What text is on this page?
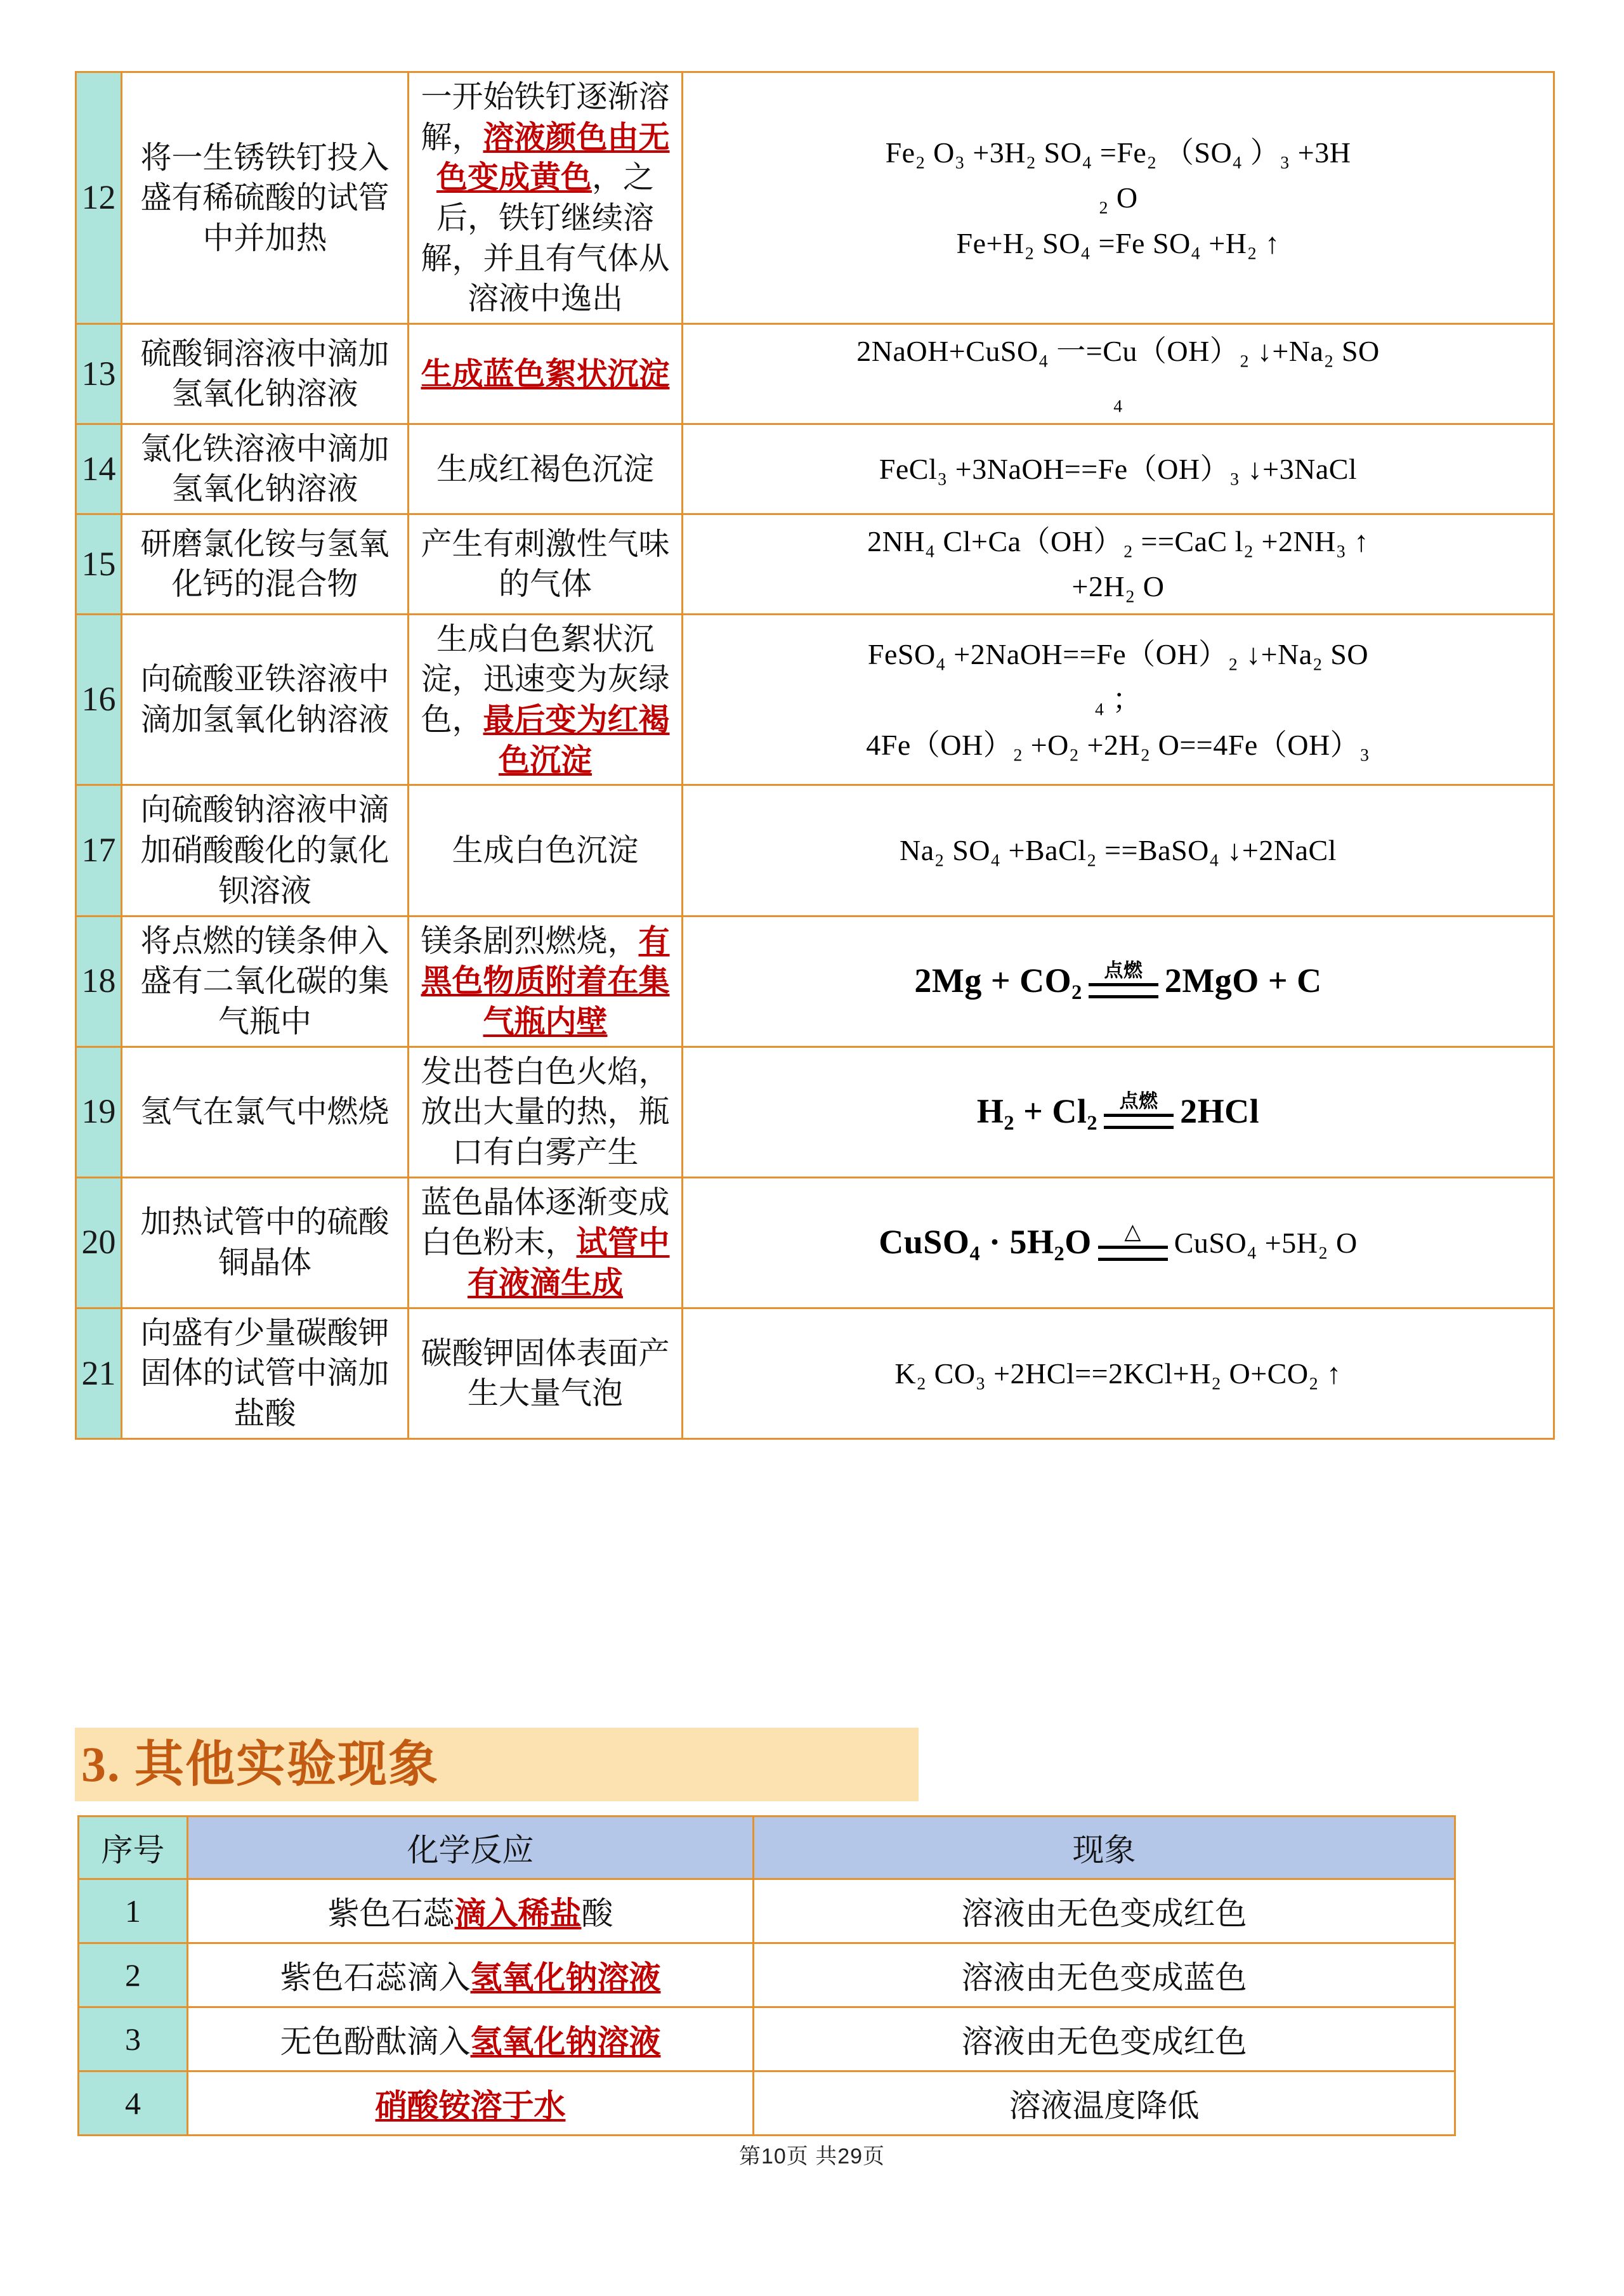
12	将一生锈铁钉投入盛有稀硫酸的试管中并加热	一开始铁钉逐渐溶解，溶液颜色由无色变成黄色，之后，铁钉继续溶解，并且有气体从溶液中逸出	Fe₂ O₃ +3H₂ SO₄ =Fe₂ （SO₄ ）₃ +3H
₂ O
Fe+H₂ SO₄ =Fe SO₄ +H₂ ↑

13	硫酸铜溶液中滴加氢氧化钠溶液	生成蓝色絮状沉淀	2NaOH+CuSO₄ 一=Cu（OH）₂ ↓+Na₂ SO
₄

14	氯化铁溶液中滴加氢氧化钠溶液	生成红褐色沉淀	FeCl₃ +3NaOH==Fe（OH）₃ ↓+3NaCl

15	研磨氯化铵与氢氧化钙的混合物	产生有刺激性气味的气体	2NH₄ Cl+Ca（OH）₂ ==CaC l₂ +2NH₃ ↑
+2H₂ O

16	向硫酸亚铁溶液中滴加氢氧化钠溶液	生成白色絮状沉淀，迅速变为灰绿色，最后变为红褐色沉淀	FeSO₄ +2NaOH==Fe（OH）₂ ↓+Na₂ SO
₄ ；
4Fe（OH）₂ +O₂ +2H₂ O==4Fe（OH）₃

17	向硫酸钠溶液中滴加硝酸酸化的氯化钡溶液	生成白色沉淀	Na₂ SO₄ +BaCl₂ ==BaSO₄ ↓+2NaCl

18	将点燃的镁条伸入盛有二氧化碳的集气瓶中	镁条剧烈燃烧，有黑色物质附着在集气瓶内壁	2Mg + CO₂ 点燃 2MgO + C

19	氢气在氯气中燃烧	发出苍白色火焰，放出大量的热，瓶口有白雾产生	H₂ + Cl₂ 点燃 2HCl

20	加热试管中的硫酸铜晶体	蓝色晶体逐渐变成白色粉末，试管中有液滴生成	CuSO₄ · 5H₂O △ CuSO₄ +5H₂ O

21	向盛有少量碳酸钾固体的试管中滴加盐酸	碳酸钾固体表面产生大量气泡	K₂ CO₃ +2HCl==2KCl+H₂ O+CO₂ ↑
3. 其他实验现象
序号	化学反应	现象
1	紫色石蕊滴入稀盐酸	溶液由无色变成红色
2	紫色石蕊滴入氢氧化钠溶液	溶液由无色变成蓝色
3	无色酚酞滴入氢氧化钠溶液	溶液由无色变成红色
4	硝酸铵溶于水	溶液温度降低
第10页 共29页
